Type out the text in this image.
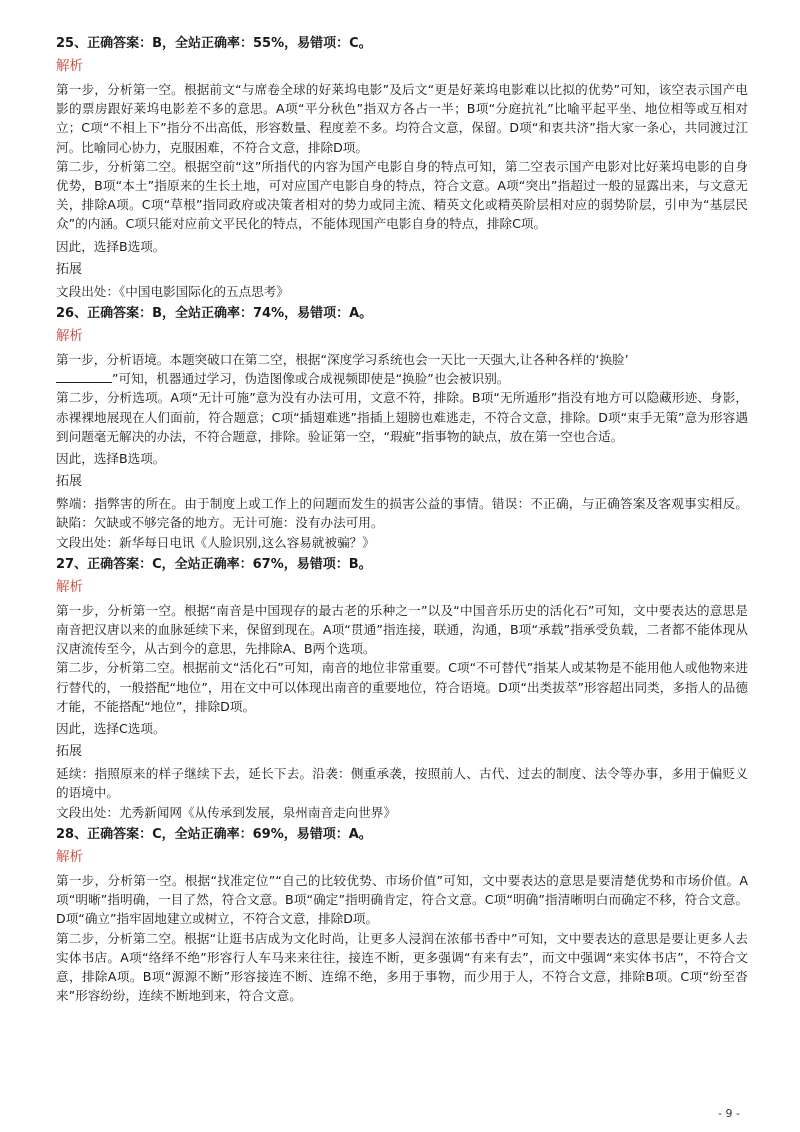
25、正确答案：B，全站正确率：55%，易错项：C。
解析

第一步，分析第一空。根据前文“与席卷全球的好莱坞电影”及后文“更是好莱坞电影难以比拟的优势”可知，该空表示国产电影的票房跟好莱坞电影差不多的意思。A项“平分秋色”指双方各占一半；B项“分庭抗礼”比喻平起平坐、地位相等或互相对立；C项“不相上下”指分不出高低，形容数量、程度差不多。均符合文意，保留。D项“和衷共济”指大家一条心，共同渡过江河。比喻同心协力，克服困难，不符合文意，排除D项。

第二步，分析第二空。根据空前“这”所指代的内容为国产电影自身的特点可知，第二空表示国产电影对比好莱坞电影的自身优势，B项“本土”指原来的生长土地，可对应国产电影自身的特点，符合文意。A项“突出”指超过一般的显露出来，与文意无关，排除A项。C项“草根”指同政府或决策者相对的势力或同主流、精英文化或精英阶层相对应的弱势阶层，引申为“基层民众”的内涵。C项只能对应前文平民化的特点，不能体现国产电影自身的特点，排除C项。

因此，选择B选项。

拓展

文段出处：《中国电影国际化的五点思考》

26、正确答案：B，全站正确率：74%，易错项：A。
解析

第一步，分析语境。本题突破口在第二空，根据“深度学习系统也会一天比一天强大,让各种各样的‘换脸’
”可知，机器通过学习，伪造图像或合成视频即使是“换脸”也会被识别。

第二步，分析选项。A项“无计可施”意为没有办法可用，文意不符，排除。B项“无所遁形”指没有地方可以隐藏形迹、身影，赤裸裸地展现在人们面前，符合题意；C项“插翅难逃”指插上翅膀也难逃走，不符合文意，排除。D项“束手无策”意为形容遇到问题毫无解决的办法，不符合题意，排除。验证第一空，“瑕疵”指事物的缺点，放在第一空也合适。

因此，选择B选项。

拓展

弊端：指弊害的所在。由于制度上或工作上的问题而发生的损害公益的事情。错误：不正确，与正确答案及客观事实相反。缺陷：欠缺或不够完备的地方。无计可施：没有办法可用。

文段出处：新华每日电讯《人脸识别,这么容易就被骗？》

27、正确答案：C，全站正确率：67%，易错项：B。
解析

第一步，分析第一空。根据“南音是中国现存的最古老的乐种之一”以及“中国音乐历史的活化石”可知，文中要表达的意思是南音把汉唐以来的血脉延续下来，保留到现在。A项“贯通”指连接，联通，沟通，B项“承载”指承受负载，二者都不能体现从汉唐流传至今，从古到今的意思，先排除A、B两个选项。

第二步，分析第二空。根据前文“活化石”可知，南音的地位非常重要。C项“不可替代”指某人或某物是不能用他人或他物来进行替代的，一般搭配“地位”，用在文中可以体现出南音的重要地位，符合语境。D项“出类拔萃”形容超出同类，多指人的品德才能，不能搭配“地位”，排除D项。

因此，选择C选项。

拓展

延续：指照原来的样子继续下去，延长下去。沿袭：侧重承袭，按照前人、古代、过去的制度、法令等办事，多用于偏贬义的语境中。

文段出处：尤秀新闻网《从传承到发展，泉州南音走向世界》

28、正确答案：C，全站正确率：69%，易错项：A。
解析

第一步，分析第一空。根据“找准定位”“自己的比较优势、市场价值”可知，文中要表达的意思是要清楚优势和市场价值。A项“明晰”指明确，一目了然，符合文意。B项“确定”指明确肯定，符合文意。C项“明确”指清晰明白而确定不移，符合文意。D项“确立”指牢固地建立或树立，不符合文意，排除D项。

第二步，分析第二空。根据“让逛书店成为文化时尚，让更多人浸润在浓郁书香中”可知，文中要表达的意思是要让更多人去实体书店。A项“络绎不绝”形容行人车马来来往往，接连不断，更多强调“有来有去”，而文中强调“来实体书店”，不符合文意，排除A项。B项“源源不断”形容接连不断、连绵不绝，多用于事物，而少用于人，不符合文意，排除B项。C项“纷至沓来”形容纷纷，连续不断地到来，符合文意。

- 9 -
